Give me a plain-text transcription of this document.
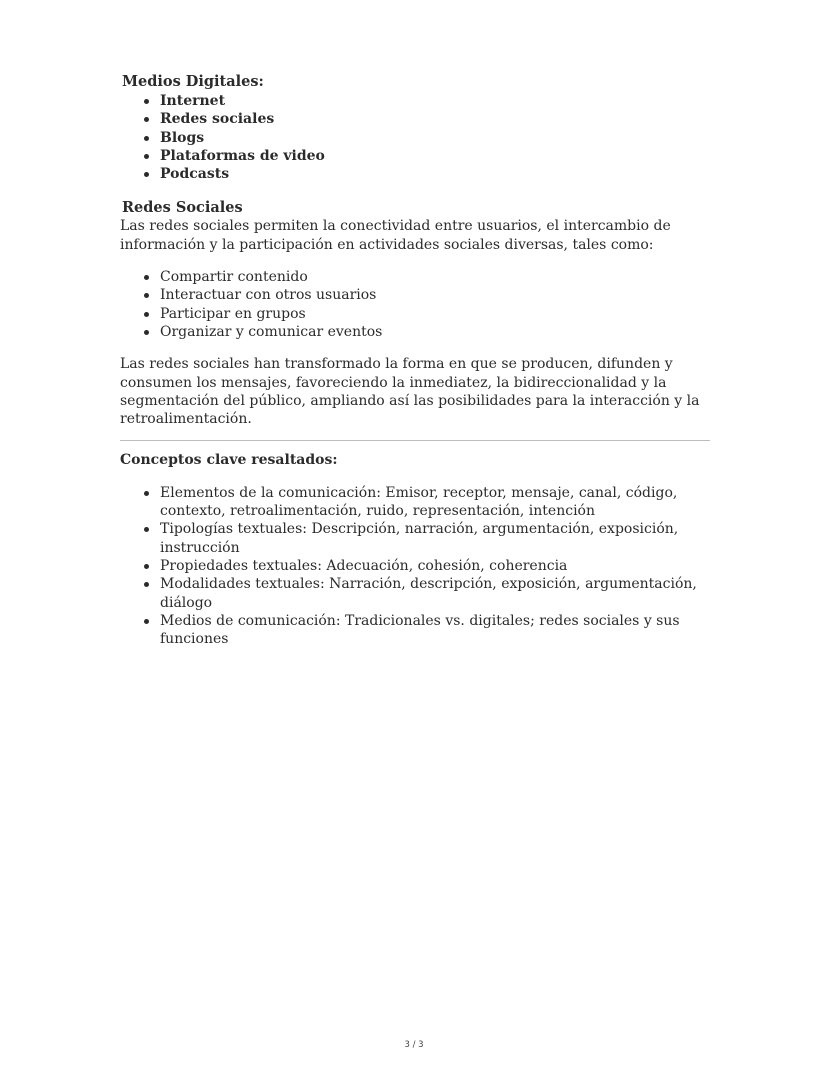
Medios Digitales:
Internet
Redes sociales
Blogs
Plataformas de video
Podcasts
Redes Sociales

Las redes sociales permiten la conectividad entre usuarios, el intercambio de información y la participación en actividades sociales diversas, tales como:

Compartir contenido
Interactuar con otros usuarios
Participar en grupos
Organizar y comunicar eventos

Las redes sociales han transformado la forma en que se producen, difunden y consumen los mensajes, favoreciendo la inmediatez, la bidireccionalidad y la segmentación del público, ampliando así las posibilidades para la interacción y la retroalimentación.

Conceptos clave resaltados:

Elementos de la comunicación: Emisor, receptor, mensaje, canal, código, contexto, retroalimentación, ruido, representación, intención
Tipologías textuales: Descripción, narración, argumentación, exposición, instrucción
Propiedades textuales: Adecuación, cohesión, coherencia
Modalidades textuales: Narración, descripción, exposición, argumentación, diálogo
Medios de comunicación: Tradicionales vs. digitales; redes sociales y sus funciones
3 / 3
